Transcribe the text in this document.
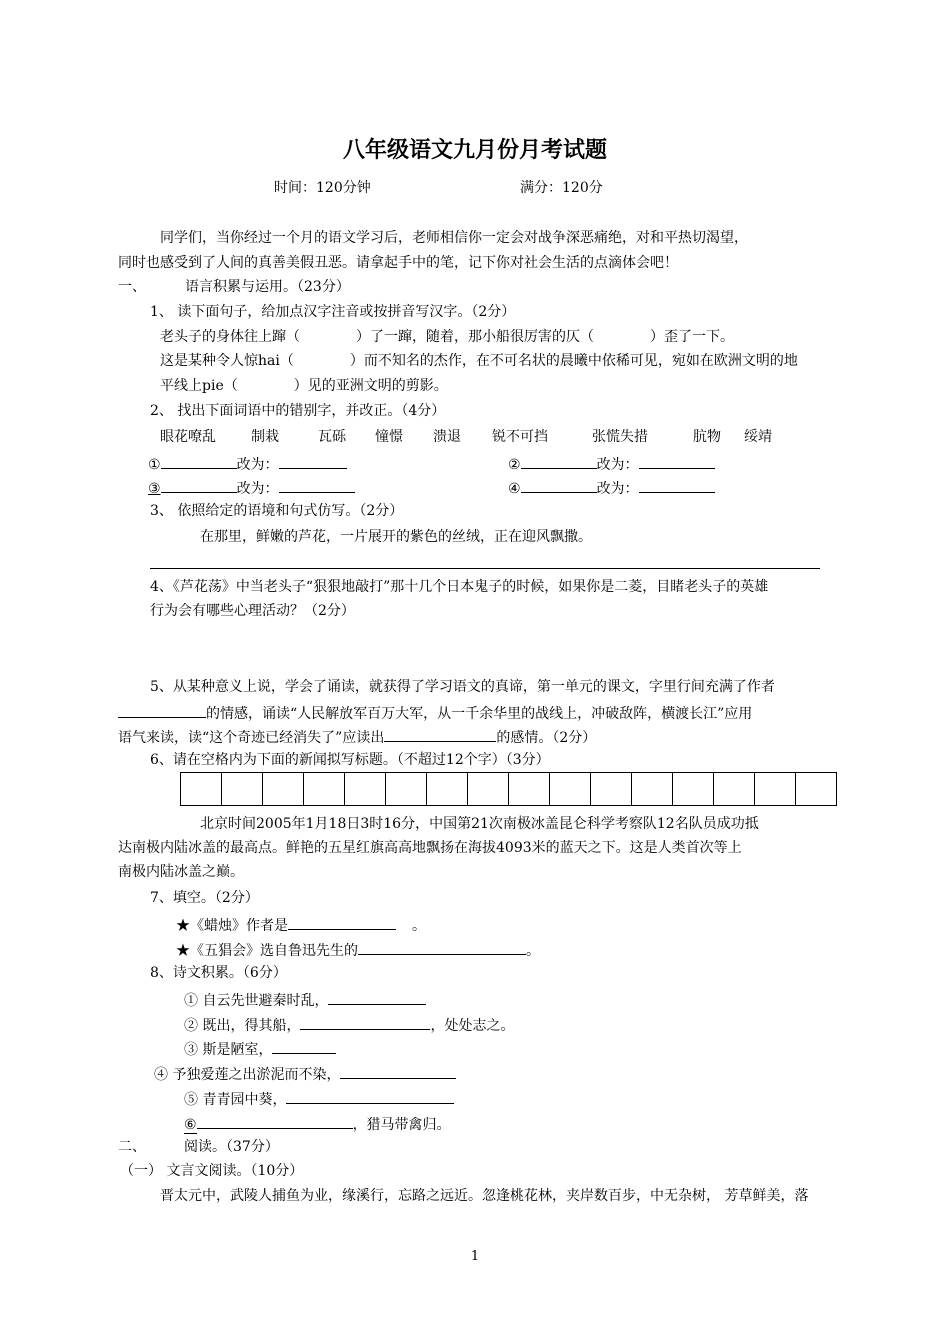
八年级语文九月份月考试题
时间：120分钟	满分：120分
同学们，当你经过一个月的语文学习后，老师相信你一定会对战争深恶痛绝，对和平热切渴望，
同时也感受到了人间的真善美假丑恶。请拿起手中的笔，记下你对社会生活的点滴体会吧！
一、	语言积累与运用。（23分）
1、 读下面句子，给加点汉字注音或按拼音写汉字。（2分）
老头子的身体往上蹿（	）了一蹿，随着，那小船很厉害的仄（	）歪了一下。
这是某种令人惊hai（	）而不知名的杰作，在不可名状的晨曦中依稀可见，宛如在欧洲文明的地
平线上pie（	）见的亚洲文明的剪影。
2、 找出下面词语中的错别字，并改正。（4分）
眼花嘹乱	制栽	瓦砾 憧憬 溃退 锐不可挡	张慌失措	肮物 绥靖
①	改为：	②	改为：
③	改为：	④	改为：
3、 依照给定的语境和句式仿写。（2分）
在那里，鲜嫩的芦花，一片展开的紫色的丝绒，正在迎风飘撒。
4、《芦花荡》中当老头子“狠狠地敲打”那十几个日本鬼子的时候，如果你是二菱，目睹老头子的英雄
行为会有哪些心理活动？（2分）
5、从某种意义上说，学会了诵读，就获得了学习语文的真谛，第一单元的课文，字里行间充满了作者
的情感，诵读“人民解放军百万大军，从一千余华里的战线上，冲破敌阵，横渡长江”应用
语气来读，读“这个奇迹已经消失了”应读出	的感情。（2分）
6、请在空格内为下面的新闻拟写标题。（不超过12个字）（3分）
北京时间2005年1月18日3时16分，中国第21次南极冰盖昆仑科学考察队12名队员成功抵
达南极内陆冰盖的最高点。鲜艳的五星红旗高高地飘扬在海拔4093米的蓝天之下。这是人类首次等上
南极内陆冰盖之巅。
7、填空。（2分）
★《蜡烛》作者是	。
★《五猖会》选自鲁迅先生的	。
8、诗文积累。（6分）
① 自云先世避秦时乱，
② 既出，得其船，	，处处志之。
③ 斯是陋室，
④ 予独爱莲之出淤泥而不染，
⑤ 青青园中葵，
⑥	，猎马带禽归。
二、	阅读。（37分）
（一） 文言文阅读。（10分）
晋太元中，武陵人捕鱼为业，缘溪行，忘路之远近。忽逢桃花林，夹岸数百步，中无杂树， 芳草鲜美，落
1
